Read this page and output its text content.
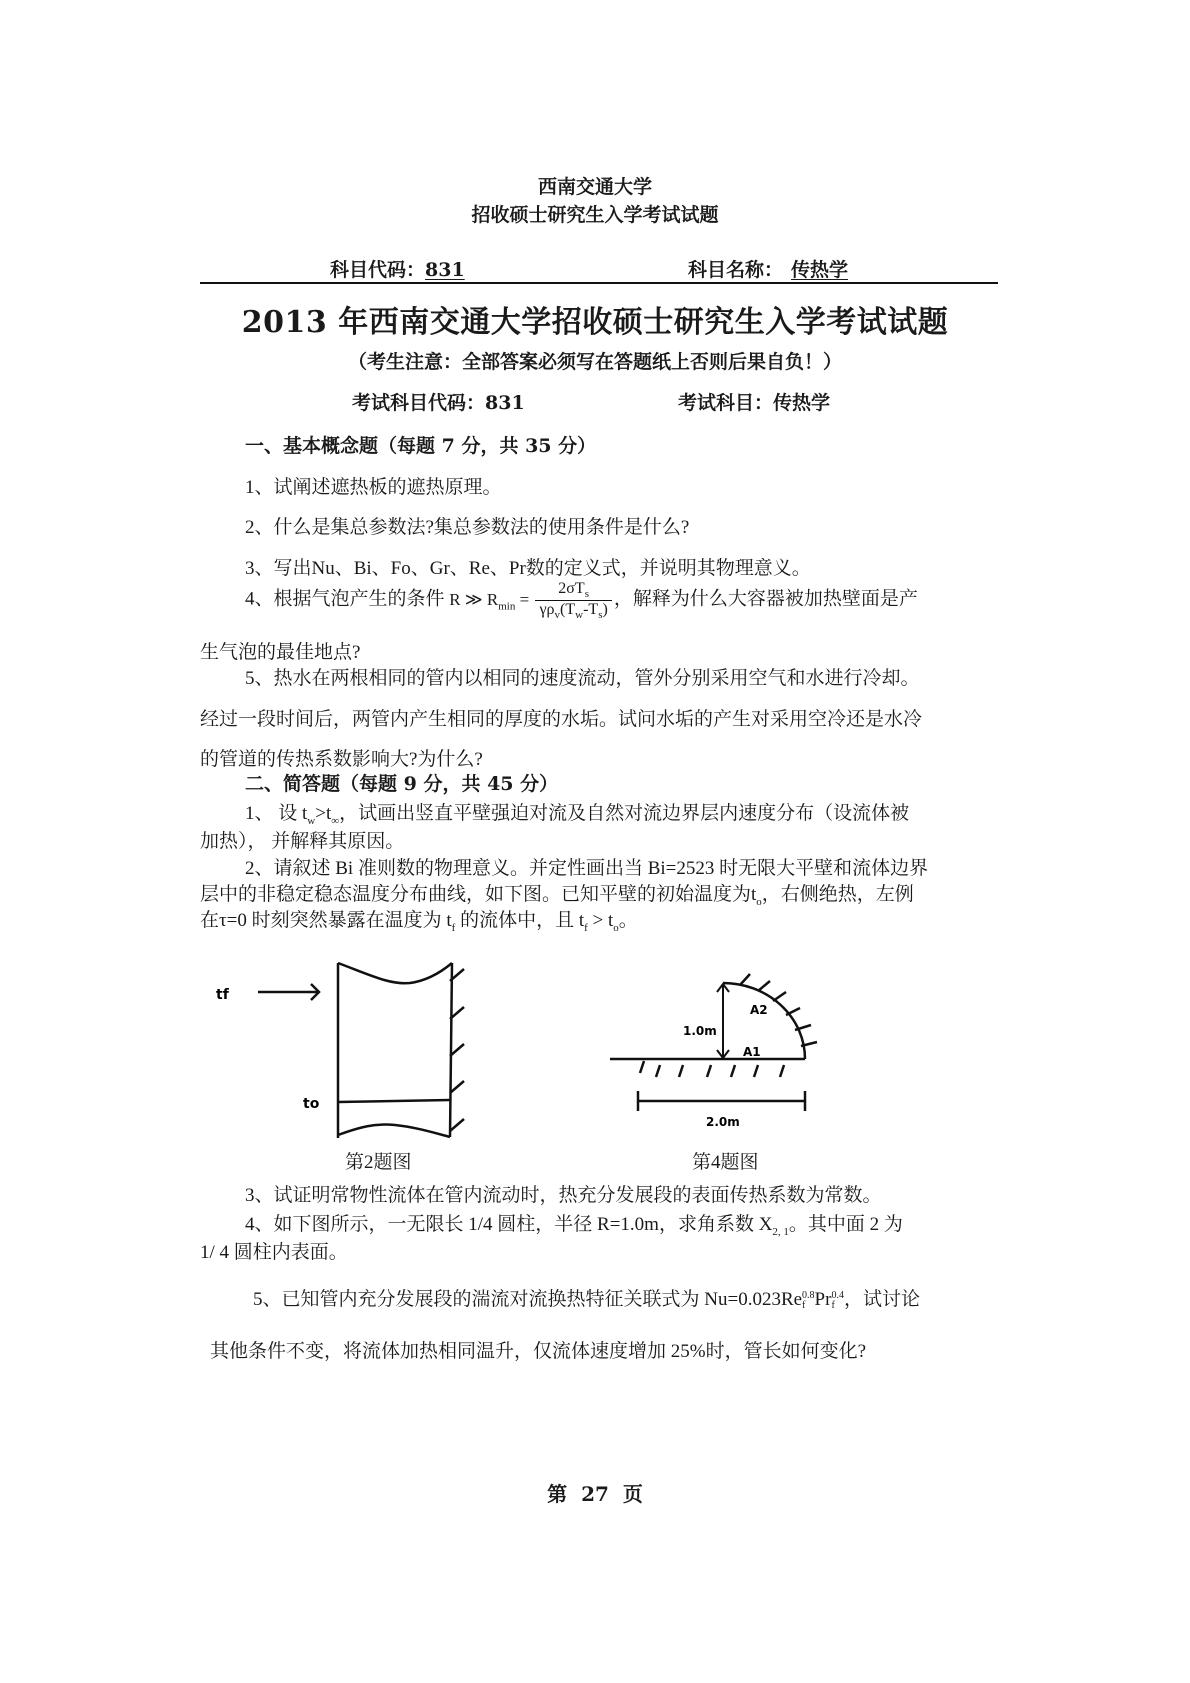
西南交通大学
招收硕士研究生入学考试试题
科目代码：831	科目名称： 传热学
2013 年西南交通大学招收硕士研究生入学考试试题
（考生注意：全部答案必须写在答题纸上否则后果自负！）
考试科目代码：831	考试科目：传热学
一、基本概念题（每题 7 分，共 35 分）
1、试阐述遮热板的遮热原理。
2、什么是集总参数法?集总参数法的使用条件是什么?
3、写出Nu、Bi、Fo、Gr、Re、Pr数的定义式，并说明其物理意义。
4、根据气泡产生的条件 R ≫ $R_{min} = \frac{2\sigma T_s}{\gamma\rho_v(T_w-T_s)}$ ，解释为什么大容器被加热壁面是产
生气泡的最佳地点?
5、热水在两根相同的管内以相同的速度流动，管外分别采用空气和水进行冷却。
经过一段时间后，两管内产生相同的厚度的水垢。试问水垢的产生对采用空冷还是水冷
的管道的传热系数影响大?为什么?
二、简答题（每题 9 分，共 45 分）
1、 设 $t_w>t_\infty$，试画出竖直平壁强迫对流及自然对流边界层内速度分布（设流体被
加热）， 并解释其原因。
2、请叙述 Bi 准则数的物理意义。并定性画出当 Bi=2523 时无限大平壁和流体边界
层中的非稳定稳态温度分布曲线，如下图。已知平壁的初始温度为$t_o$，右侧绝热，左例
在τ=0 时刻突然暴露在温度为 $t_f$ 的流体中，且 $t_f > t_o$。
tf
to
第2题图
1.0m
A2
A1
2.0m
第4题图
3、试证明常物性流体在管内流动时，热充分发展段的表面传热系数为常数。
4、如下图所示，一无限长 1/4 圆柱，半径 R=1.0m，求角系数 $X_{2, 1}$。其中面 2 为
1/ 4 圆柱内表面。
5、已知管内充分发展段的湍流对流换热特征关联式为 Nu=0.023Re 0.8
f Pr 0.4
f ，试讨论
其他条件不变，将流体加热相同温升，仅流体速度增加 25%时，管长如何变化?
第  27  页
